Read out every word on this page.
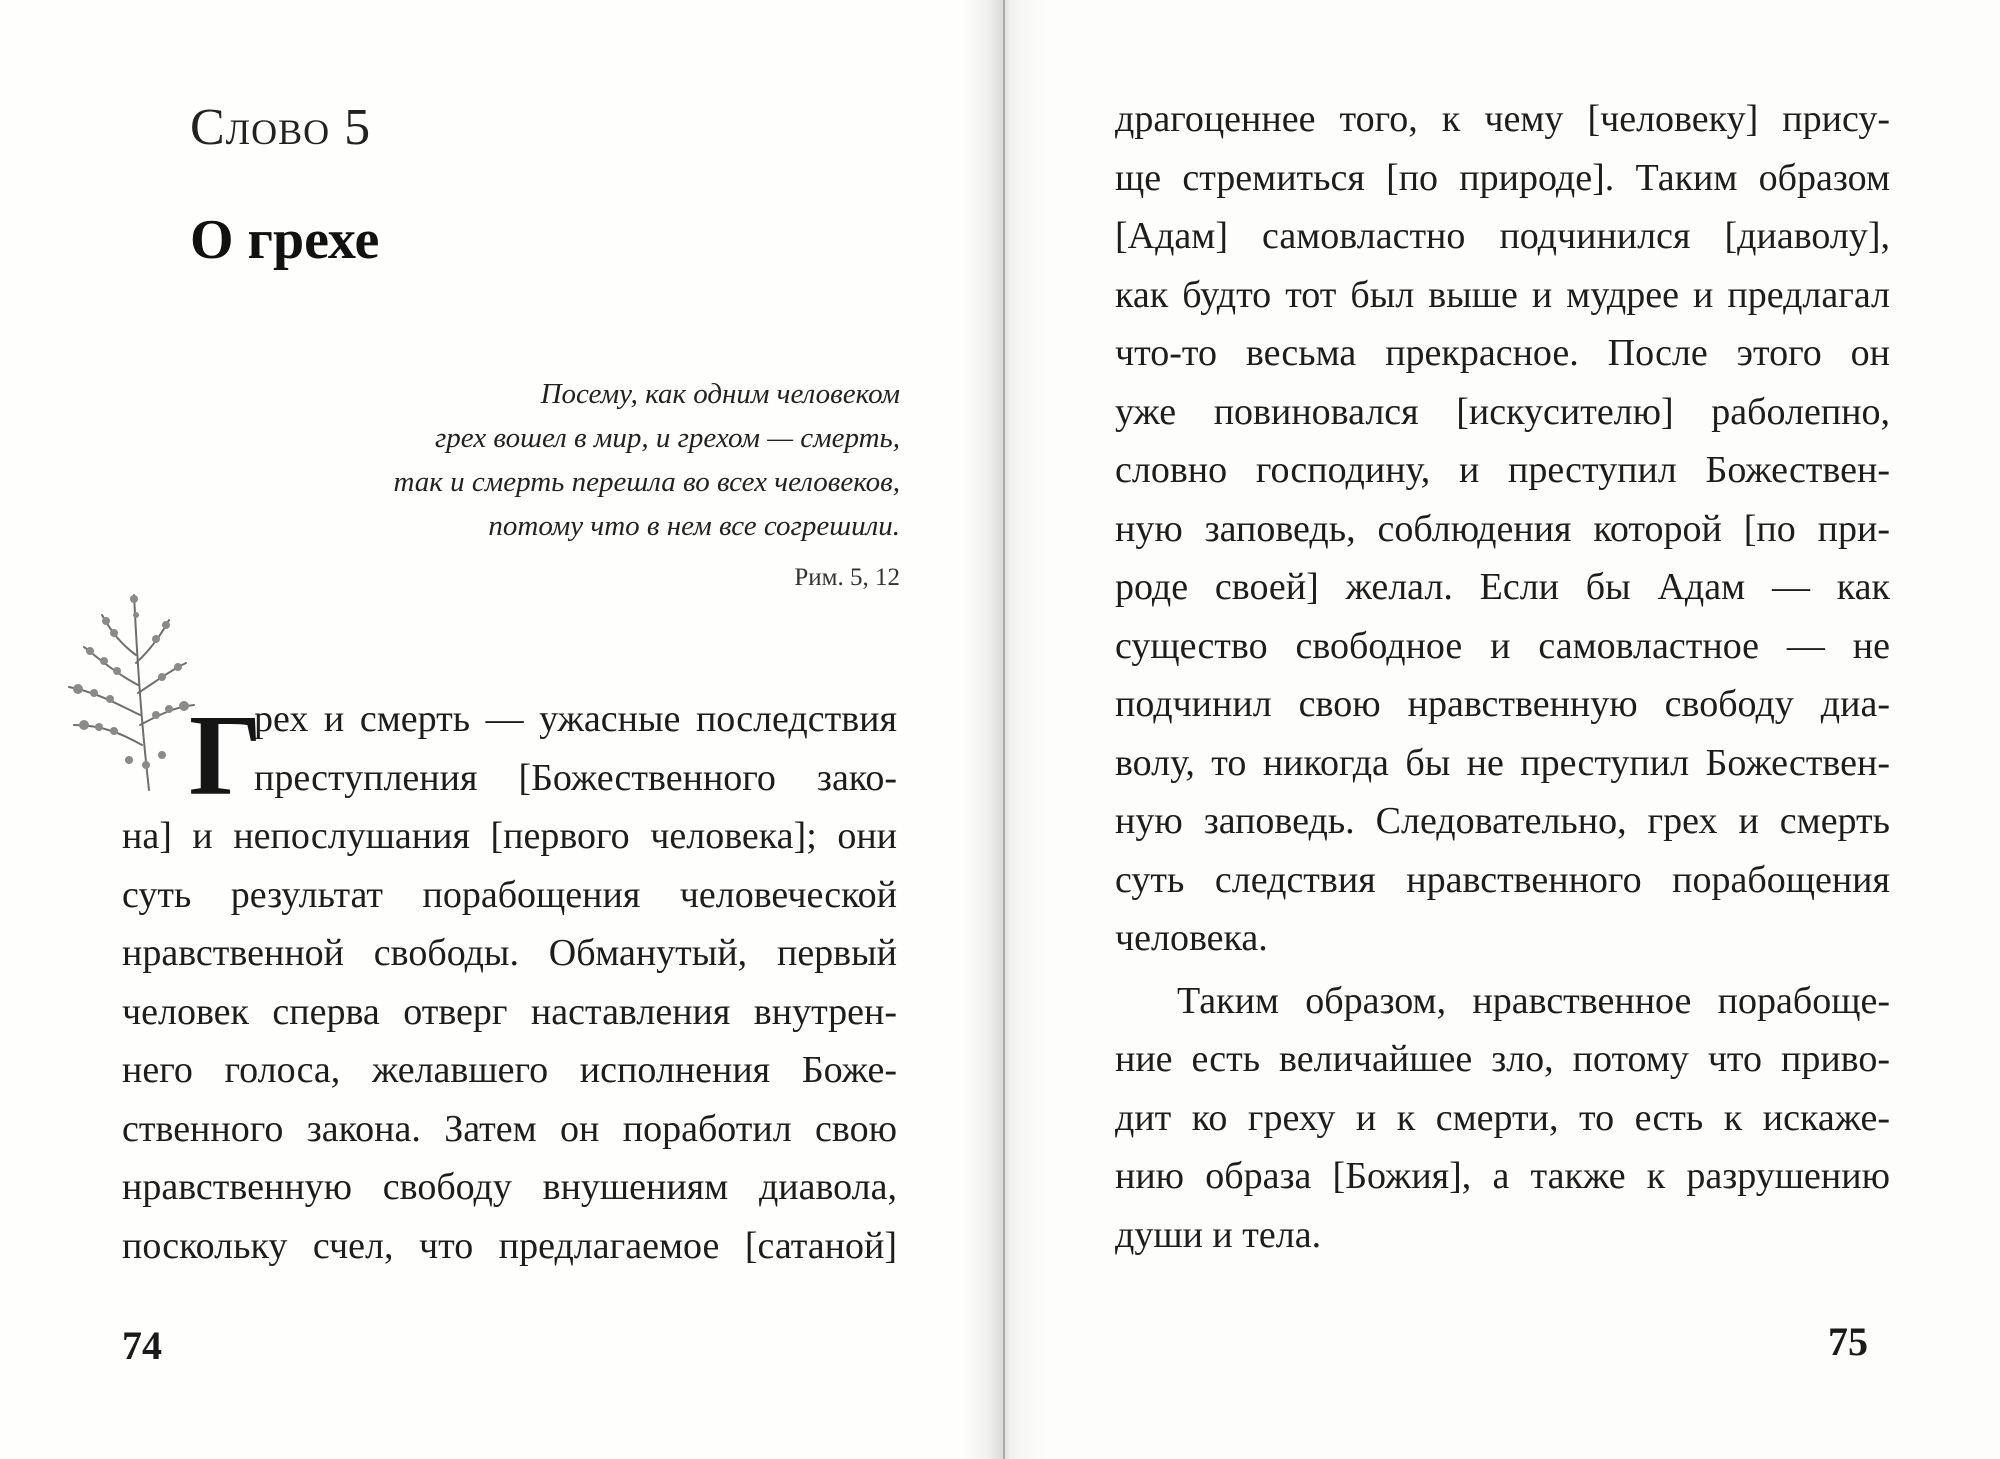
Слово 5
О грехе
Посему, как одним человеком
грех вошел в мир, и грехом — смерть,
так и смерть перешла во всех человеков,
потому что в нем все согрешили.
Рим. 5, 12
Г
рех и смерть — ужасные последствия
преступления [Божественного зако-
на] и непослушания [первого человека]; они
суть результат порабощения человеческой
нравственной свободы. Обманутый, первый
человек сперва отверг наставления внутрен-
него голоса, желавшего исполнения Боже-
ственного закона. Затем он поработил свою
нравственную свободу внушениям диавола,
поскольку счел, что предлагаемое [сатаной]
74
драгоценнее того, к чему [человеку] прису-
ще стремиться [по природе]. Таким образом
[Адам] самовластно подчинился [диаволу],
как будто тот был выше и мудрее и предлагал
что-то весьма прекрасное. После этого он
уже повиновался [искусителю] раболепно,
словно господину, и преступил Божествен-
ную заповедь, соблюдения которой [по при-
роде своей] желал. Если бы Адам — как
существо свободное и самовластное — не
подчинил свою нравственную свободу диа-
волу, то никогда бы не преступил Божествен-
ную заповедь. Следовательно, грех и смерть
суть следствия нравственного порабощения
человека.
Таким образом, нравственное порабоще-
ние есть величайшее зло, потому что приво-
дит ко греху и к смерти, то есть к искаже-
нию образа [Божия], а также к разрушению
души и тела.
75
